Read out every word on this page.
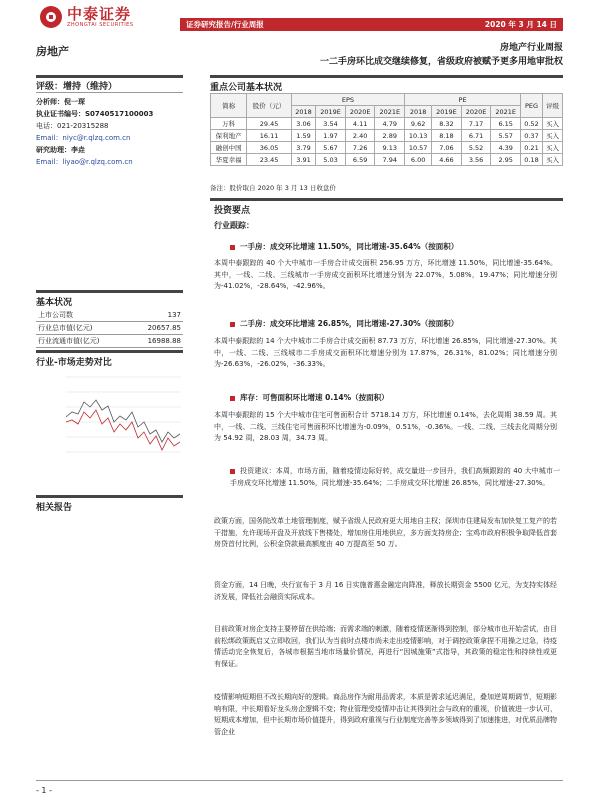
中泰证券
ZHONGTAI SECURITIES	证券研究报告/行业周报	2020 年 3 月 14 日
房地产	房地产行业周报
一二手房环比成交继续修复，省级政府被赋予更多用地审批权
评级：增持（维持）
分析师：倪一琛
执业证书编号：S0740517100003
电话：021-20315288
Email：niyc@r.qlzq.com.cn
研究助理：李垚
Email：liyao@r.qlzq.com.cn
基本状况
上市公司数	137
行业总市值(亿元)	20657.85
行业流通市值(亿元)	16988.88
行业-市场走势对比
相关报告
重点公司基本状况
简称	股价（元）	EPS				PE				PEG	评级
		2018	2019E	2020E	2021E	2018	2019E	2020E	2021E		
万科	29.45	3.06	3.54	4.11	4.79	9.62	8.32	7.17	6.15	0.52	买入
保利地产	16.11	1.59	1.97	2.40	2.89	10.13	8.18	6.71	5.57	0.37	买入
融创中国	36.05	3.79	5.67	7.26	9.13	10.57	7.06	5.52	4.39	0.21	买入
华夏幸福	23.45	3.91	5.03	6.59	7.94	6.00	4.66	3.56	2.95	0.18	买入
备注：股价取自 2020 年 3 月 13 日收盘价
投资要点
行业跟踪：
一手房：成交环比增速 11.50%，同比增速-35.64%（按面积）
本周中泰跟踪的 40 个大中城市一手房合计成交面积 256.95 万方，环比增速 11.50%，同比增速-35.64%。其中，一线、二线、三线城市一手房成交面积环比增速分别为 22.07%，5.08%，19.47%；同比增速分别为-41.02%，-28.64%，-42.96%。
二手房：成交环比增速 26.85%，同比增速-27.30%（按面积）
本周中泰跟踪的 14 个大中城市二手房合计成交面积 87.73 万方，环比增速 26.85%，同比增速-27.30%。其中，一线、二线、三线城市二手房成交面积环比增速分别为 17.87%，26.31%，81.02%；同比增速分别为-26.63%，-26.02%，-36.33%。
库存：可售面积环比增速 0.14%（按面积）
本周中泰跟踪的 15 个大中城市住宅可售面积合计 5718.14 万方，环比增速 0.14%，去化周期 38.59 周。其中，一线、二线、三线住宅可售面积环比增速为-0.09%，0.51%，-0.36%。一线、二线、三线去化周期分别为 54.92 周，28.03 周，34.73 周。
投资建议：本周，市场方面，随着疫情边际好转，成交量进一步回升，我们高频跟踪的 40 大中城市一手房成交环比增速 11.50%，同比增速-35.64%；二手房成交环比增速 26.85%，同比增速-27.30%。
政策方面，国务院改革土地管理制度，赋予省级人民政府更大用地自主权；深圳市住建局发布加快复工复产的若干措施，允许现场开盘及开放线下售楼处，增加房住用地供应，多方面支持房企；宝鸡市政府积极争取降低首套房贷首付比例，公积金贷款最高额度由 40 万提高至 50 万。
资金方面，14 日晚，央行宣布于 3 月 16 日实施普惠金融定向降准，释放长期资金 5500 亿元，为支持实体经济发展，降低社会融资实际成本。
目前政策对房企支持主要停留在供给端；而需求端的刺激，随着疫情逐渐得到控制，部分城市也开始尝试，由目前松绑政策既启又立即收回，我们认为当前时点楼市尚未走出疫情影响，对于调控政策拿捏不用操之过急，待疫情活动完全恢复后，各城市根据当地市场量价情况，再进行“因城施策”式指导，其政策的稳定性和持续性或更有保证。
疫情影响短期但不改长期向好的逻辑。商品房作为耐用品需求，本质是需求延迟满足，叠加逆周期调节，短期影响有限，中长期看好龙头房企逻辑不变；物业管理受疫情冲击让其得到社会与政府的重视，价值被进一步认可，短期成本增加，但中长期市场价值提升，得到政府重视与行业制度完善等多领域得到了加速推进，对优质品牌物管企业
- 1 -
